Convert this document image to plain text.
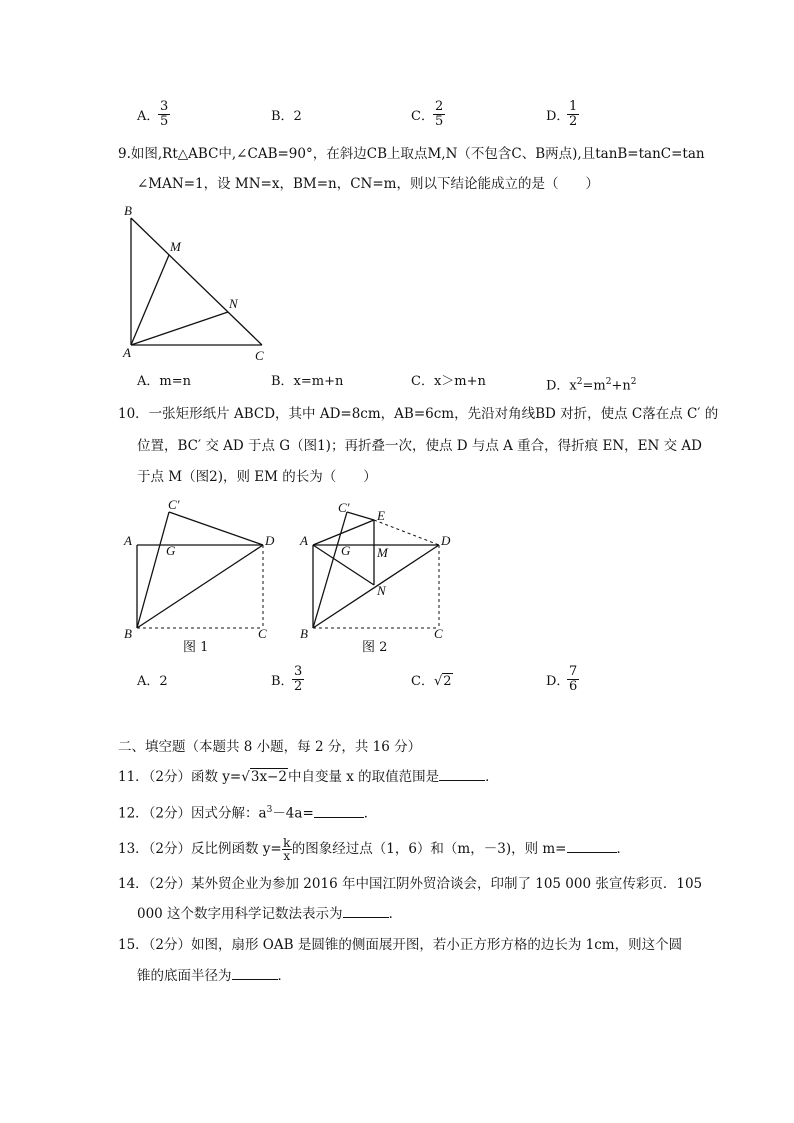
A．
3
5	B．2	C．
2
5	D．
1
2
9.如图,Rt△ABC中,∠CAB=90°，在斜边CB上取点M,N（不包含C、B两点),且tanB=tanC=tan
∠MAN=1，设 MN=x，BM=n，CN=m，则以下结论能成立的是（　　）
B
M
N
A	C
A．m=n	B．x=m+n	C．x＞m+n	D．$x^2=m^2+n^2$
10．一张矩形纸片 ABCD，其中 AD=8cm，AB=6cm，先沿对角线BD 对折，使点 C落在点 C′ 的
位置，BC′ 交 AD 于点 G（图1)；再折叠一次，使点 D 与点 A 重合，得折痕 EN，EN 交 AD
于点 M（图2)，则 EM 的长为（　　）
C′
A
G
D
B	C
图 1
C′
E
A
G M
D
N
B	C
图 2
A．2	B．
3
2	C．√2	D．
7
6
二、填空题（本题共 8 小题，每 2 分，共 16 分）
11．（2分）函数 y=√3x−2中自变量 x 的取值范围是	．
12．（2分）因式分解：$a^3-4a=$	．
13．（2分）反比例函数 $y= \frac{k}{x}$ 的图象经过点（1，6）和（m，－3)，则 m=	．
14．（2分）某外贸企业为参加 2016 年中国江阴外贸洽谈会，印制了 105 000 张宣传彩页．105
000 这个数字用科学记数法表示为	．
15．（2分）如图，扇形 OAB 是圆锥的侧面展开图，若小正方形方格的边长为 1cm，则这个圆
锥的底面半径为	．
